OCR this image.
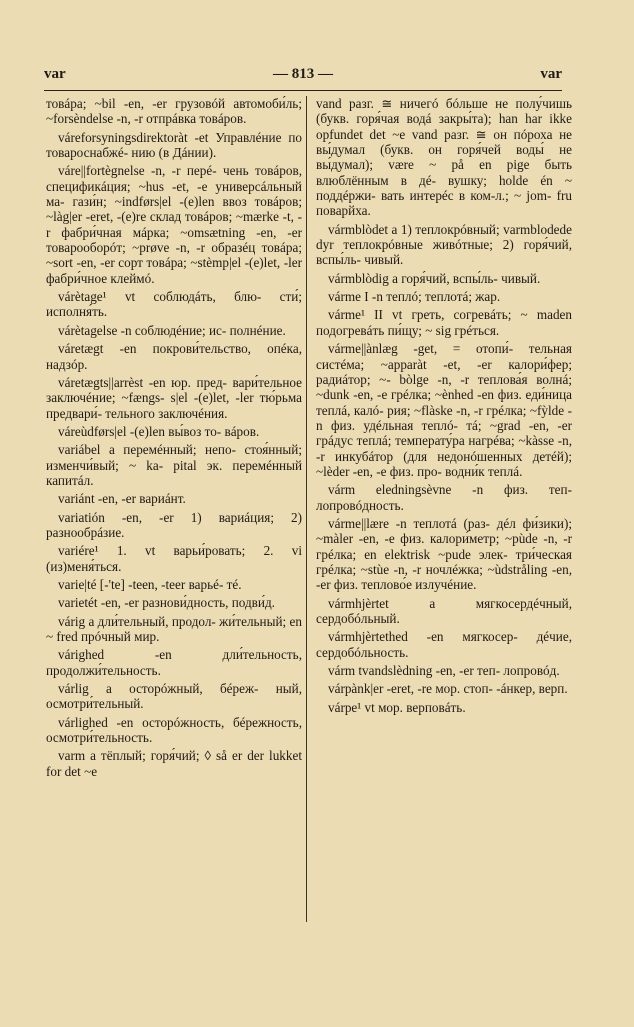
var	— 813 —	var

товáра; ~bil -en, -er грузовóй автомоби́ль; ~forsèndelse -n, -r отпрáвка товáров.

váreforsyningsdirektoràt -et Управлéние по товароснабжé- нию (в Дáнии).

váre||fortègnelse -n, -r перé- чень товáров, спецификáция; ~hus -et, -e универсáльный ма- гази́н; ~indførs|el -(e)len ввоз товáров; ~làg|er -eret, -(e)re склад товáров; ~mærke -t, -r фабри́чная мáрка; ~omsætning -en, -er товарооборóт; ~prøve -n, -r образéц товáра; ~sort -en, -er сорт товáра; ~stèmp|el -(e)let, -ler фабри́чное клеймó.

várètage¹ vt соблюдáть, блю- сти́; исполня́ть.

várètagelse -n соблюдéние; ис- полнéние.

váretægt -en покрови́тельство, опéка, надзóр.

váretægts||arrèst -en юр. пред- вари́тельное заключéние; ~fængs- s|el -(e)let, -ler тю́рьма предвари́- тельного заключéния.

váreùdførs|el -(e)len вы́воз то- вáров.

variábel a перемéнный; непо- стоя́нный; изменчи́вый; ~ ka- pital эк. перемéнный капитáл.

variánt -en, -er вариáнт.

variatión -en, -er 1) вариáция; 2) разнообрáзие.

variére¹ 1. vt варьи́ровать; 2. vi (из)меня́ться.

varie|té [-'te] -teen, -teer варьé- тé.

varietét -en, -er разнови́дность, подви́д.

várig a дли́тельный, продол- жи́тельный; en ~ fred прóчный мир.

várighed -en дли́тельность, продолжи́тельность.

várlig a осторóжный, бéреж- ный, осмотри́тельный.

várlighed -en осторóжность, бéрежность, осмотри́тельность.

varm a тёплый; горя́чий; ◊ så er der lukket for det ~e

vand разг. ≅ ничегó бóльше не полу́чишь (букв. горя́чая водá закры́та); han har ikke opfundet det ~e vand разг. ≅ он пóроха не вы́думал (букв. он горя́чей воды́ не вы́думал); være ~ på en pige быть влюблённым в дé- вушку; holde én ~ поддéржи- вать интерéс в ком-л.; ~ jom- fru поварйха.

vármblòdet a 1) теплокрóвный; varmblodede dyr теплокрóвные живóтные; 2) горя́чий, вспы́ль- чивый.

vármblòdig a горя́чий, вспы́ль- чивый.

várme I -n теплó; теплотá; жар.

várme¹ II vt греть, согревáть; ~ maden подогревáть пи́щу; ~ sig грéться.

várme||ànlæg -get, = отопи́- тельная систéма; ~apparàt -et, -er калори́фер; радиáтор; ~- bòlge -n, -r теплова́я волнá; ~dunk -en, -e грéлка; ~ènhed -en физ. еди́ница теплá, калó- рия; ~flàske -n, -r грéлка; ~fỳlde -n физ. удéльная теплó- тá; ~grad -en, -er грáдус теплá; температу́ра нагрéва; ~kàsse -n, -r инкубáтор (для недонóшенных детéй); ~lèder -en, -e физ. про- водни́к теплá.

várm eledningsèvne -n физ. теп- лопровóдность.

várme||lære -n теплотá (раз- дéл фи́зики); ~màler -en, -e физ. калори́метр; ~pùde -n, -r грéлка; en elektrisk ~pude элек- три́ческая грéлка; ~stùe -n, -r ночлéжка; ~ùdstråling -en, -er физ. теплово́е излучéние.

vármhjèrtet a мягкосердéчный, сердобóльный.

vármhjèrtethed -en мягкосер- дéчие, сердобóльность.

várm tvandslèdning -en, -er теп- лопровóд.

várpànk|er -eret, -re мор. стоп- -áнкер, верп.

várpe¹ vt мор. верповáть.
